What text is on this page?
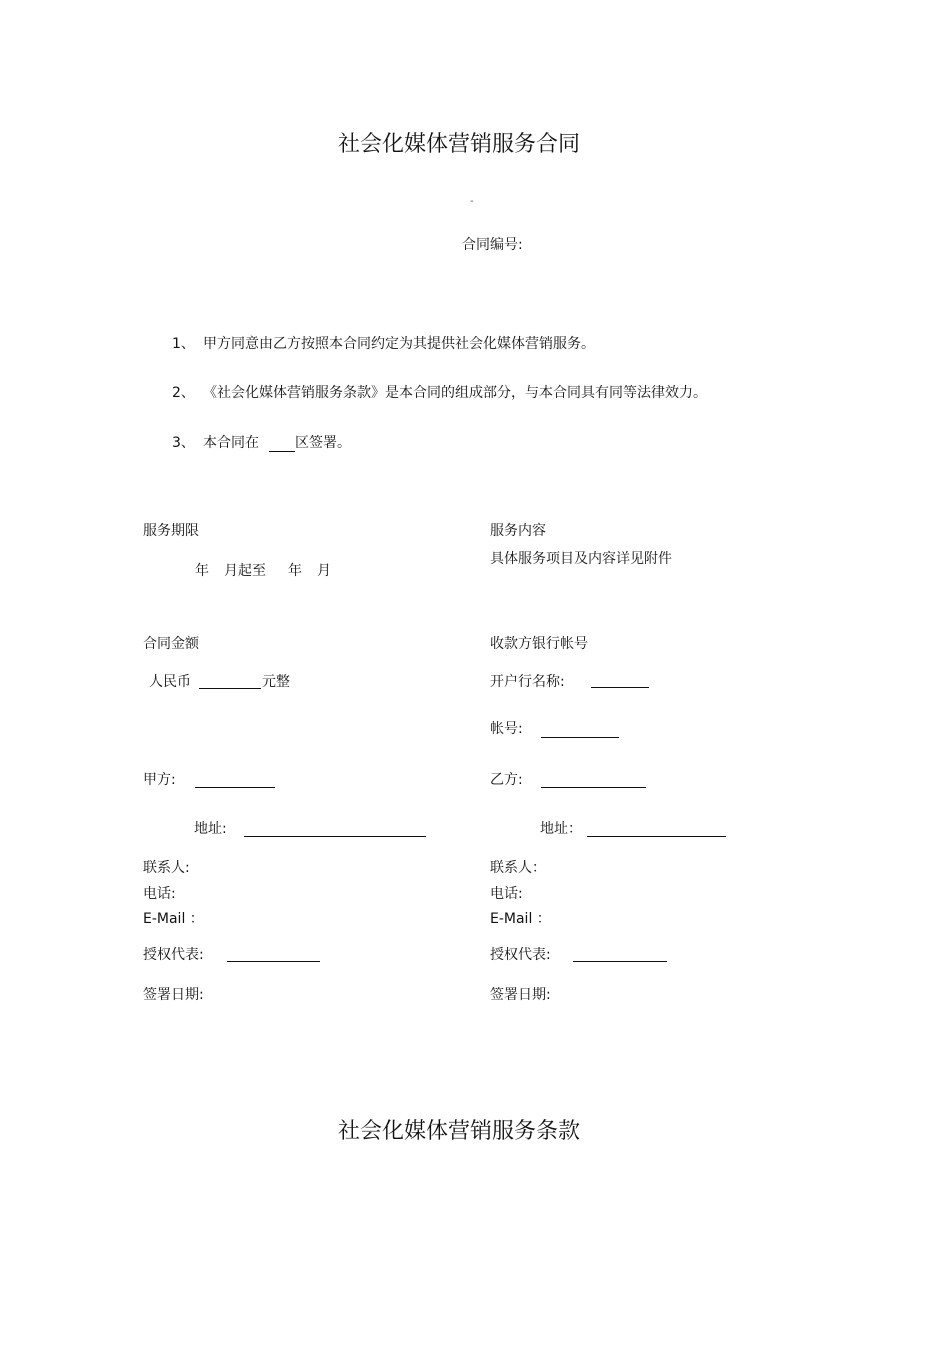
社会化媒体营销服务合同
-
合同编号:
1、 甲方同意由乙方按照本合同约定为其提供社会化媒体营销服务。
2、 《社会化媒体营销服务条款》是本合同的组成部分，与本合同具有同等法律效力。
3、 本合同在	区签署。
服务期限
年 月起至 年 月
服务内容
具体服务项目及内容详见附件
合同金额
人民币	元整
收款方银行帐号
开户行名称:
帐号:
甲方:
地址:
联系人:
电话:
E-Mail ：
授权代表:
签署日期:
乙方:
地址：
联系人：
电话:
E-Mail ：
授权代表:
签署日期:
社会化媒体营销服务条款
